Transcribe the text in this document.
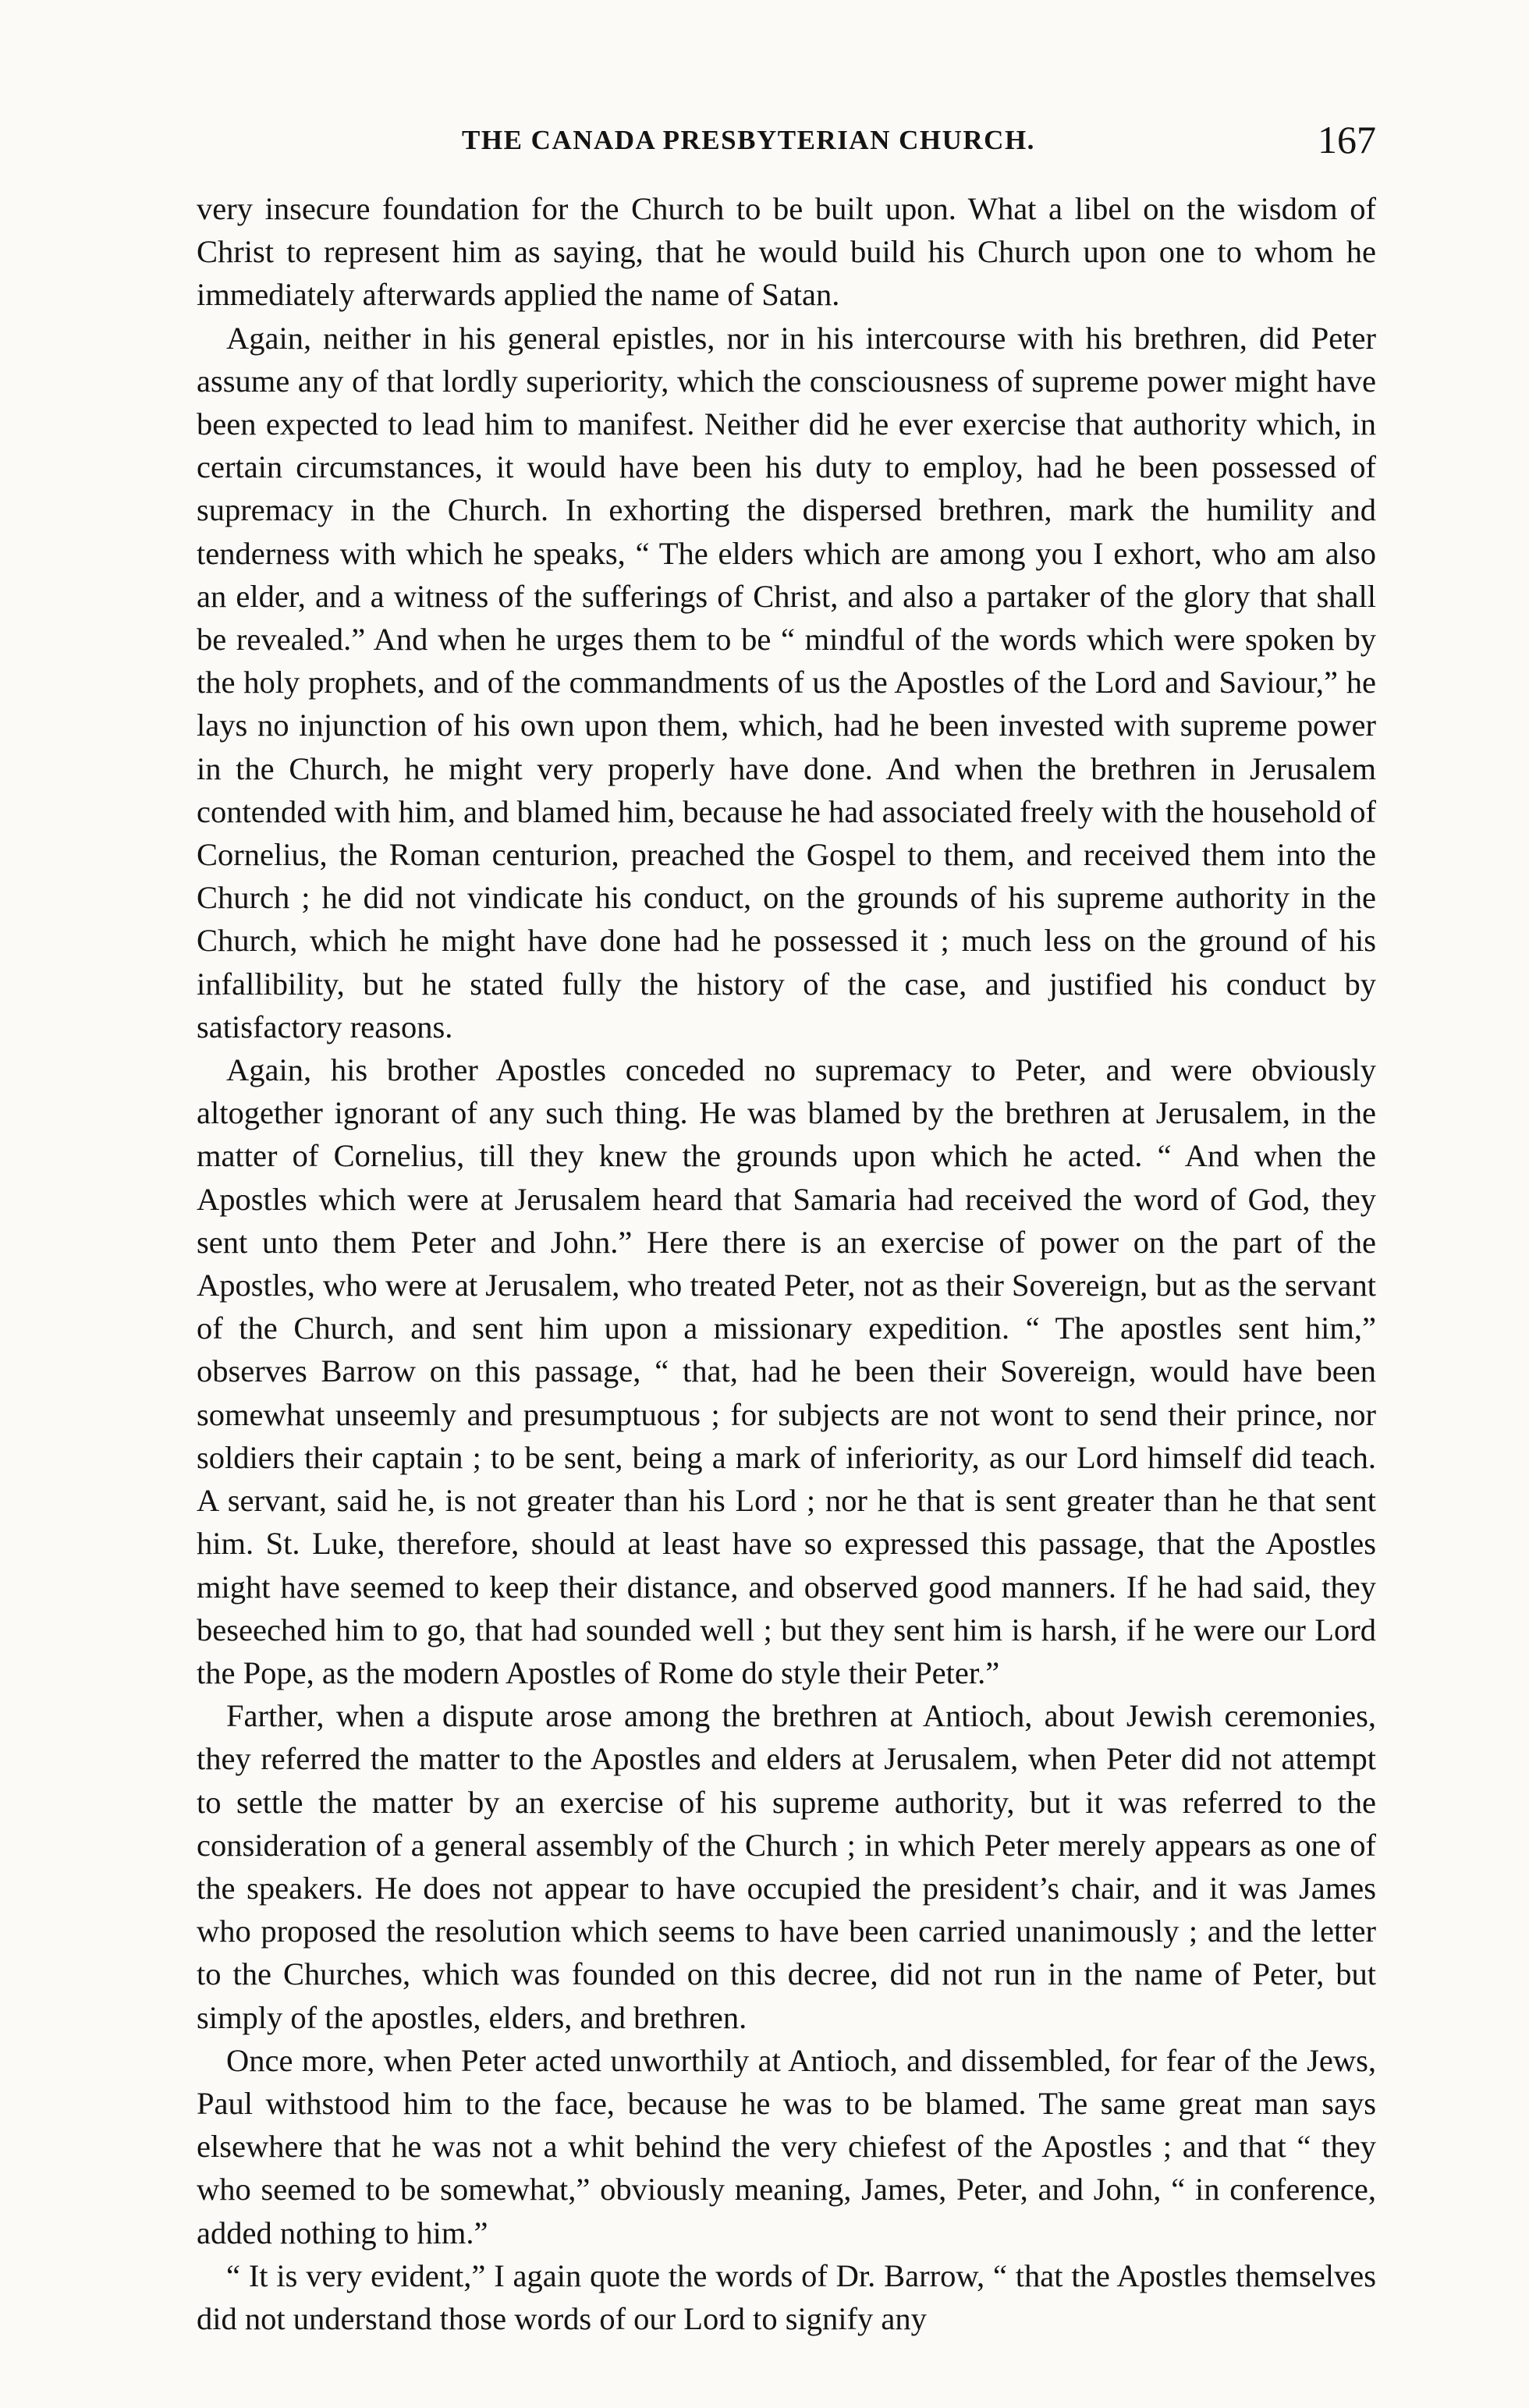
THE CANADA PRESBYTERIAN CHURCH.	167

very insecure foundation for the Church to be built upon. What a libel on the wisdom of Christ to represent him as saying, that he would build his Church upon one to whom he immediately afterwards applied the name of Satan.

Again, neither in his general epistles, nor in his intercourse with his brethren, did Peter assume any of that lordly superiority, which the consciousness of supreme power might have been expected to lead him to manifest. Neither did he ever exercise that authority which, in certain circumstances, it would have been his duty to employ, had he been possessed of supremacy in the Church. In exhorting the dispersed brethren, mark the humility and tenderness with which he speaks, “ The elders which are among you I exhort, who am also an elder, and a witness of the sufferings of Christ, and also a partaker of the glory that shall be revealed.” And when he urges them to be “ mindful of the words which were spoken by the holy prophets, and of the commandments of us the Apostles of the Lord and Saviour,” he lays no injunction of his own upon them, which, had he been invested with supreme power in the Church, he might very properly have done. And when the brethren in Jerusalem contended with him, and blamed him, because he had associated freely with the household of Cornelius, the Roman centurion, preached the Gospel to them, and received them into the Church ; he did not vindicate his conduct, on the grounds of his supreme authority in the Church, which he might have done had he possessed it ; much less on the ground of his infallibility, but he stated fully the history of the case, and justified his conduct by satisfactory reasons.

Again, his brother Apostles conceded no supremacy to Peter, and were obviously altogether ignorant of any such thing. He was blamed by the brethren at Jerusalem, in the matter of Cornelius, till they knew the grounds upon which he acted. “ And when the Apostles which were at Jerusalem heard that Samaria had received the word of God, they sent unto them Peter and John.” Here there is an exercise of power on the part of the Apostles, who were at Jerusalem, who treated Peter, not as their Sovereign, but as the servant of the Church, and sent him upon a missionary expedition. “ The apostles sent him,” observes Barrow on this passage, “ that, had he been their Sovereign, would have been somewhat unseemly and presumptuous ; for subjects are not wont to send their prince, nor soldiers their captain ; to be sent, being a mark of inferiority, as our Lord himself did teach. A servant, said he, is not greater than his Lord ; nor he that is sent greater than he that sent him. St. Luke, therefore, should at least have so expressed this passage, that the Apostles might have seemed to keep their distance, and observed good manners. If he had said, they beseeched him to go, that had sounded well ; but they sent him is harsh, if he were our Lord the Pope, as the modern Apostles of Rome do style their Peter.”

Farther, when a dispute arose among the brethren at Antioch, about Jewish ceremonies, they referred the matter to the Apostles and elders at Jerusalem, when Peter did not attempt to settle the matter by an exercise of his supreme authority, but it was referred to the consideration of a general assembly of the Church ; in which Peter merely appears as one of the speakers. He does not appear to have occupied the president’s chair, and it was James who proposed the resolution which seems to have been carried unanimously ; and the letter to the Churches, which was founded on this decree, did not run in the name of Peter, but simply of the apostles, elders, and brethren.

Once more, when Peter acted unworthily at Antioch, and dissembled, for fear of the Jews, Paul withstood him to the face, because he was to be blamed. The same great man says elsewhere that he was not a whit behind the very chiefest of the Apostles ; and that “ they who seemed to be somewhat,” obviously meaning, James, Peter, and John, “ in conference, added nothing to him.”

“ It is very evident,” I again quote the words of Dr. Barrow, “ that the Apostles themselves did not understand those words of our Lord to signify any
